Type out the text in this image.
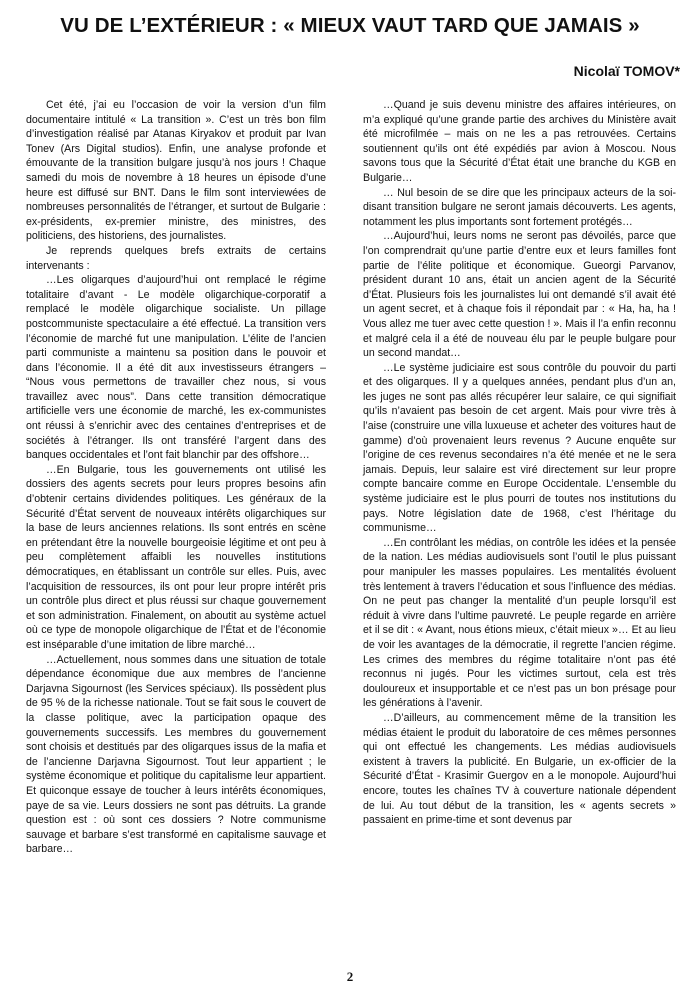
VU DE L’EXTÉRIEUR : « MIEUX VAUT TARD QUE JAMAIS »
Nicolaï TOMOV*

Cet été, j’ai eu l’occasion de voir la version d’un film documentaire intitulé « La transition ». C’est un très bon film d’investigation réalisé par Atanas Kiryakov et produit par Ivan Tonev (Ars Digital studios). Enfin, une analyse profonde et émouvante de la transition bulgare jusqu’à nos jours ! Chaque samedi du mois de novembre à 18 heures un épisode d’une heure est diffusé sur BNT. Dans le film sont interviewées de nombreuses personnalités de l’étranger, et surtout de Bulgarie : ex-présidents, ex-premier ministre, des ministres, des politiciens, des historiens, des journalistes.

Je reprends quelques brefs extraits de certains intervenants :

…Les oligarques d’aujourd’hui ont remplacé le régime totalitaire d’avant - Le modèle oligarchique-corporatif a remplacé le modèle oligarchique socialiste. Un pillage postcommuniste spectaculaire a été effectué. La transition vers l’économie de marché fut une manipulation. L’élite de l’ancien parti communiste a maintenu sa position dans le pouvoir et dans l’économie. Il a été dit aux investisseurs étrangers – “Nous vous permettons de travailler chez nous, si vous travaillez avec nous”. Dans cette transition démocratique artificielle vers une économie de marché, les ex-communistes ont réussi à s’enrichir avec des centaines d’entreprises et de sociétés à l’étranger. Ils ont transféré l’argent dans des banques occidentales et l’ont fait blanchir par des offshore…

…En Bulgarie, tous les gouvernements ont utilisé les dossiers des agents secrets pour leurs propres besoins afin d’obtenir certains dividendes politiques. Les généraux de la Sécurité d’État servent de nouveaux intérêts oligarchiques sur la base de leurs anciennes relations. Ils sont entrés en scène en prétendant être la nouvelle bourgeoisie légitime et ont peu à peu complètement affaibli les nouvelles institutions démocratiques, en établissant un contrôle sur elles. Puis, avec l’acquisition de ressources, ils ont pour leur propre intérêt pris un contrôle plus direct et plus réussi sur chaque gouvernement et son administration. Finalement, on aboutit au système actuel où ce type de monopole oligarchique de l’État et de l’économie est inséparable d’une imitation de libre marché…

…Actuellement, nous sommes dans une situation de totale dépendance économique due aux membres de l’ancienne Darjavna Sigournost (les Services spéciaux). Ils possèdent plus de 95 % de la richesse nationale. Tout se fait sous le couvert de la classe politique, avec la participation opaque des gouvernements successifs. Les membres du gouvernement sont choisis et destitués par des oligarques issus de la mafia et de l’ancienne Darjavna Sigournost. Tout leur appartient ; le système économique et politique du capitalisme leur appartient. Et quiconque essaye de toucher à leurs intérêts économiques, paye de sa vie. Leurs dossiers ne sont pas détruits. La grande question est : où sont ces dossiers ? Notre communisme sauvage et barbare s’est transformé en capitalisme sauvage et barbare…

…Quand je suis devenu ministre des affaires intérieures, on m’a expliqué qu’une grande partie des archives du Ministère avait été microfilmée – mais on ne les a pas retrouvées. Certains soutiennent qu’ils ont été expédiés par avion à Moscou. Nous savons tous que la Sécurité d’État était une branche du KGB en Bulgarie…

… Nul besoin de se dire que les principaux acteurs de la soi-disant transition bulgare ne seront jamais découverts. Les agents, notamment les plus importants sont fortement protégés…

…Aujourd’hui, leurs noms ne seront pas dévoilés, parce que l’on comprendrait qu’une partie d’entre eux et leurs familles font partie de l’élite politique et économique. Gueorgi Parvanov, président durant 10 ans, était un ancien agent de la Sécurité d’État. Plusieurs fois les journalistes lui ont demandé s’il avait été un agent secret, et à chaque fois il répondait par : « Ha, ha, ha ! Vous allez me tuer avec cette question ! ». Mais il l’a enfin reconnu et malgré cela il a été de nouveau élu par le peuple bulgare pour un second mandat…

…Le système judiciaire est sous contrôle du pouvoir du parti et des oligarques. Il y a quelques années, pendant plus d’un an, les juges ne sont pas allés récupérer leur salaire, ce qui signifiait qu’ils n’avaient pas besoin de cet argent. Mais pour vivre très à l’aise (construire une villa luxueuse et acheter des voitures haut de gamme) d’où provenaient leurs revenus ? Aucune enquête sur l’origine de ces revenus secondaires n’a été menée et ne le sera jamais. Depuis, leur salaire est viré directement sur leur propre compte bancaire comme en Europe Occidentale. L’ensemble du système judiciaire est le plus pourri de toutes nos institutions du pays. Notre législation date de 1968, c’est l’héritage du communisme…

…En contrôlant les médias, on contrôle les idées et la pensée de la nation. Les médias audiovisuels sont l’outil le plus puissant pour manipuler les masses populaires. Les mentalités évoluent très lentement à travers l’éducation et sous l’influence des médias. On ne peut pas changer la mentalité d’un peuple lorsqu’il est réduit à vivre dans l’ultime pauvreté. Le peuple regarde en arrière et il se dit : « Avant, nous étions mieux, c’était mieux »… Et au lieu de voir les avantages de la démocratie, il regrette l’ancien régime. Les crimes des membres du régime totalitaire n’ont pas été reconnus ni jugés. Pour les victimes surtout, cela est très douloureux et insupportable et ce n’est pas un bon présage pour les générations à l’avenir.

…D’ailleurs, au commencement même de la transition les médias étaient le produit du laboratoire de ces mêmes personnes qui ont effectué les changements. Les médias audiovisuels existent à travers la publicité. En Bulgarie, un ex-officier de la Sécurité d’État - Krasimir Guergov en a le monopole. Aujourd’hui encore, toutes les chaînes TV à couverture nationale dépendent de lui. Au tout début de la transition, les « agents secrets » passaient en prime-time et sont devenus par

2
